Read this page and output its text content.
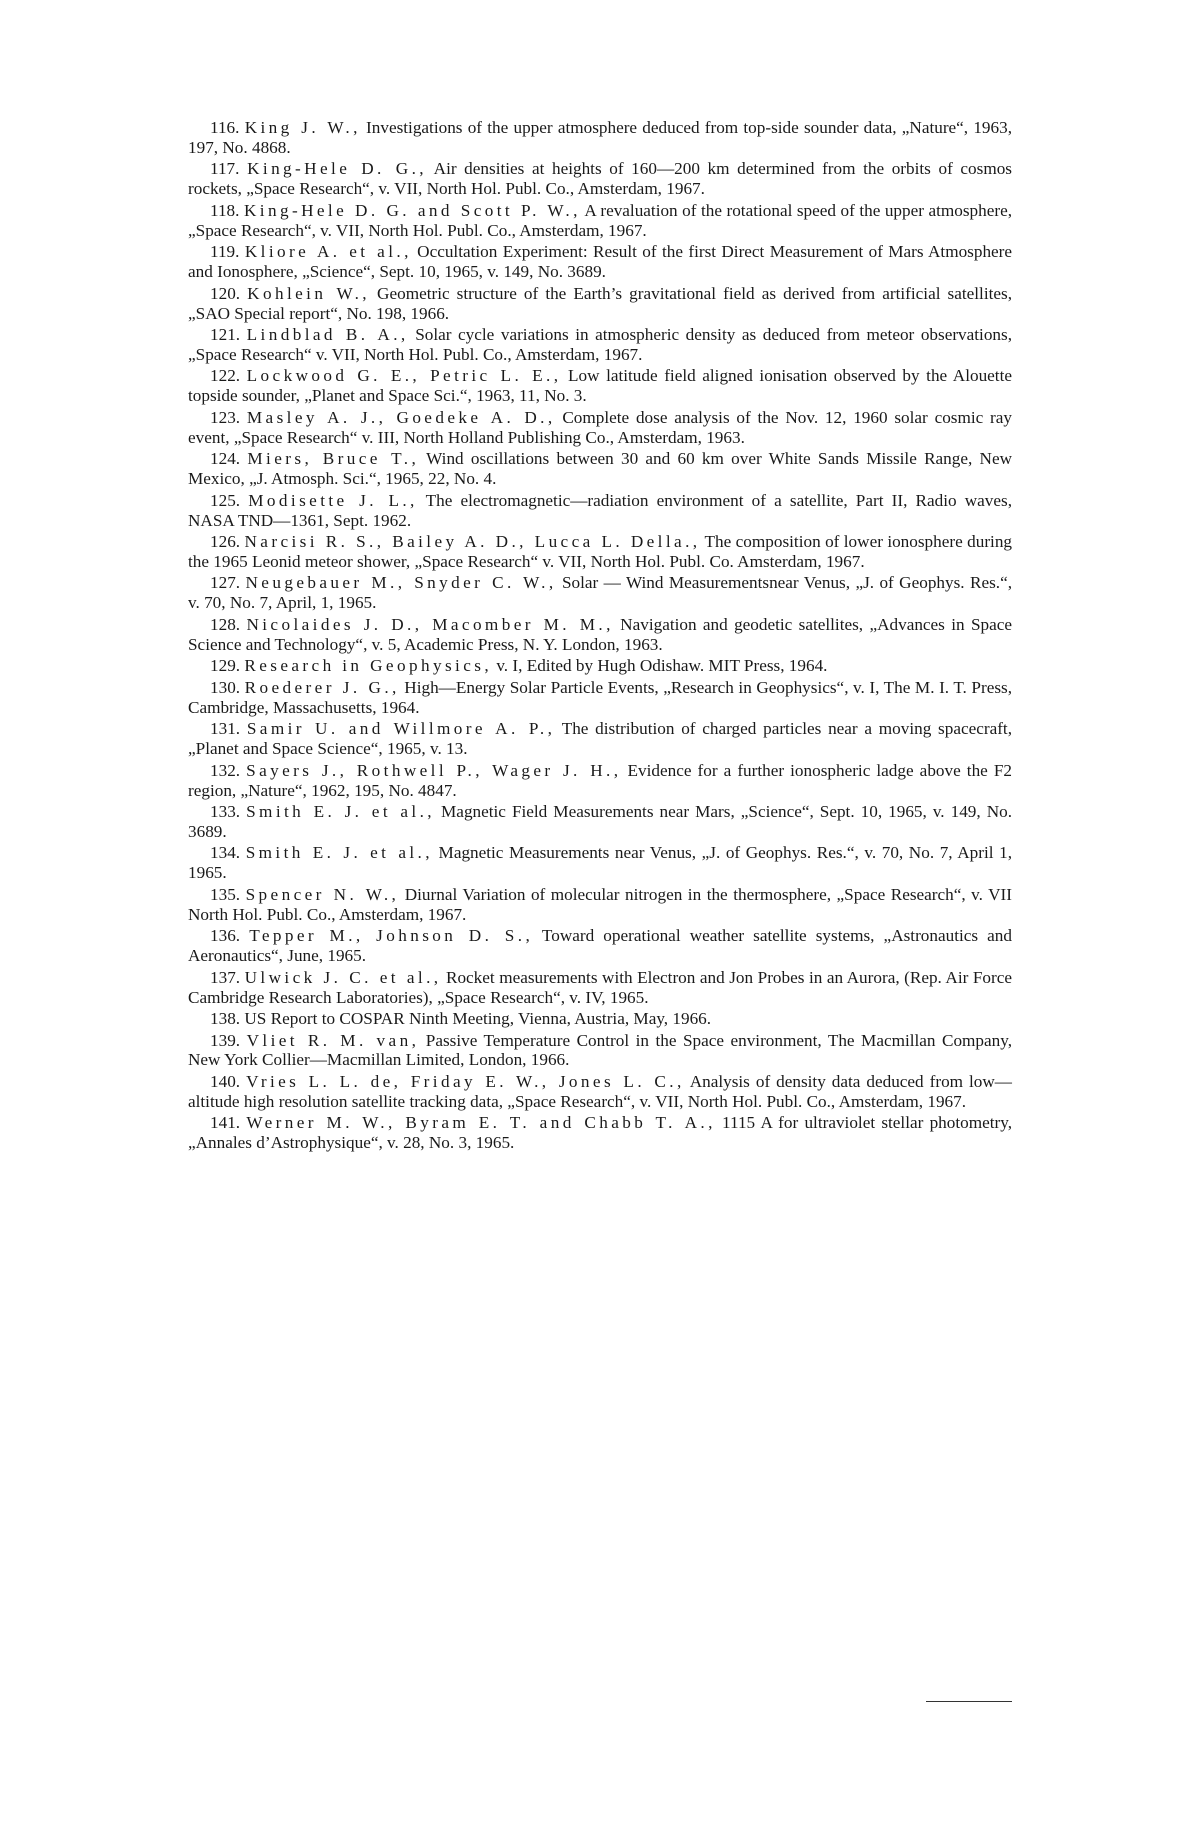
116. King J. W., Investigations of the upper atmosphere deduced from top-side sounder data, „Nature“, 1963, 197, No. 4868.

117. King-Hele D. G., Air densities at heights of 160—200 km determined from the orbits of cosmos rockets, „Space Research“, v. VII, North Hol. Publ. Co., Amsterdam, 1967.

118. King-Hele D. G. and Scott P. W., A revaluation of the rotational speed of the upper atmosphere, „Space Research“, v. VII, North Hol. Publ. Co., Amsterdam, 1967.

119. Kliore A. et al., Occultation Experiment: Result of the first Direct Measurement of Mars Atmosphere and Ionosphere, „Science“, Sept. 10, 1965, v. 149, No. 3689.

120. Kohlein W., Geometric structure of the Earth’s gravitational field as derived from artificial satellites, „SAO Special report“, No. 198, 1966.

121. Lindblad B. A., Solar cycle variations in atmospheric density as deduced from meteor observations, „Space Research“ v. VII, North Hol. Publ. Co., Amsterdam, 1967.

122. Lockwood G. E., Petric L. E., Low latitude field aligned ionisation observed by the Alouette topside sounder, „Planet and Space Sci.“, 1963, 11, No. 3.

123. Masley A. J., Goedeke A. D., Complete dose analysis of the Nov. 12, 1960 solar cosmic ray event, „Space Research“ v. III, North Holland Publishing Co., Amsterdam, 1963.

124. Miers, Bruce T., Wind oscillations between 30 and 60 km over White Sands Missile Range, New Mexico, „J. Atmosph. Sci.“, 1965, 22, No. 4.

125. Modisette J. L., The electromagnetic—radiation environment of a satellite, Part II, Radio waves, NASA TND—1361, Sept. 1962.

126. Narcisi R. S., Bailey A. D., Lucca L. Della., The composition of lower ionosphere during the 1965 Leonid meteor shower, „Space Research“ v. VII, North Hol. Publ. Co. Amsterdam, 1967.

127. Neugebauer M., Snyder C. W., Solar — Wind Measurementsnear Venus, „J. of Geophys. Res.“, v. 70, No. 7, April, 1, 1965.

128. Nicolaides J. D., Macomber M. M., Navigation and geodetic satellites, „Advances in Space Science and Technology“, v. 5, Academic Press, N. Y. London, 1963.

129. Research in Geophysics, v. I, Edited by Hugh Odishaw. MIT Press, 1964.

130. Roederer J. G., High—Energy Solar Particle Events, „Research in Geophysics“, v. I, The M. I. T. Press, Cambridge, Massachusetts, 1964.

131. Samir U. and Willmore A. P., The distribution of charged particles near a moving spacecraft, „Planet and Space Science“, 1965, v. 13.

132. Sayers J., Rothwell P., Wager J. H., Evidence for a further ionospheric ladge above the F2 region, „Nature“, 1962, 195, No. 4847.

133. Smith E. J. et al., Magnetic Field Measurements near Mars, „Science“, Sept. 10, 1965, v. 149, No. 3689.

134. Smith E. J. et al., Magnetic Measurements near Venus, „J. of Geophys. Res.“, v. 70, No. 7, April 1, 1965.

135. Spencer N. W., Diurnal Variation of molecular nitrogen in the thermosphere, „Space Research“, v. VII North Hol. Publ. Co., Amsterdam, 1967.

136. Tepper M., Johnson D. S., Toward operational weather satellite systems, „Astronautics and Aeronautics“, June, 1965.

137. Ulwick J. C. et al., Rocket measurements with Electron and Jon Probes in an Aurora, (Rep. Air Force Cambridge Research Laboratories), „Space Research“, v. IV, 1965.

138. US Report to COSPAR Ninth Meeting, Vienna, Austria, May, 1966.

139. Vliet R. M. van, Passive Temperature Control in the Space environment, The Macmillan Company, New York Collier—Macmillan Limited, London, 1966.

140. Vries L. L. de, Friday E. W., Jones L. C., Analysis of density data deduced from low—altitude high resolution satellite tracking data, „Space Research“, v. VII, North Hol. Publ. Co., Amsterdam, 1967.

141. Werner M. W., Byram E. T. and Chabb T. A., 1115 A for ultraviolet stellar photometry, „Annales d’Astrophysique“, v. 28, No. 3, 1965.
